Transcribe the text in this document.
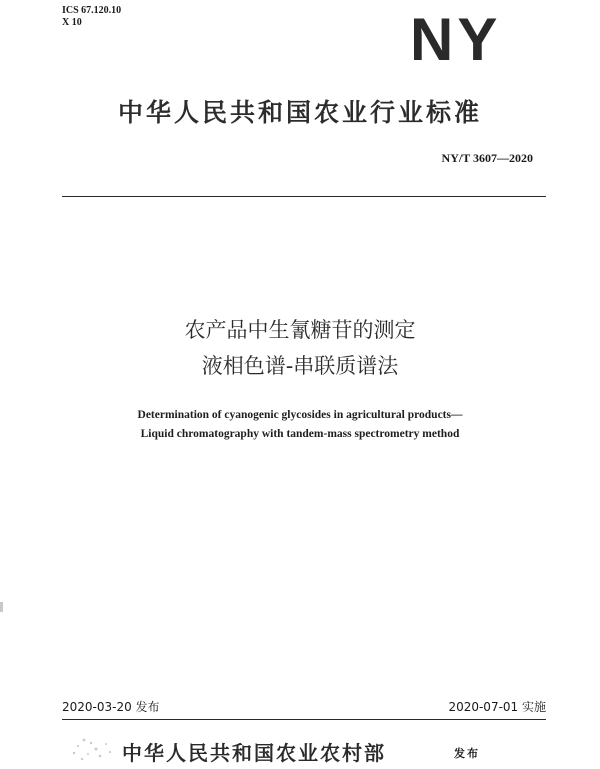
ICS 67.120.10
X 10	NY
中华人民共和国农业行业标准
NY/T 3607—2020
农产品中生氰糖苷的测定
液相色谱-串联质谱法
Determination of cyanogenic glycosides in agricultural products—
Liquid chromatography with tandem-mass spectrometry method
2020-03-20 发布	2020-07-01 实施
中华人民共和国农业农村部	发布
